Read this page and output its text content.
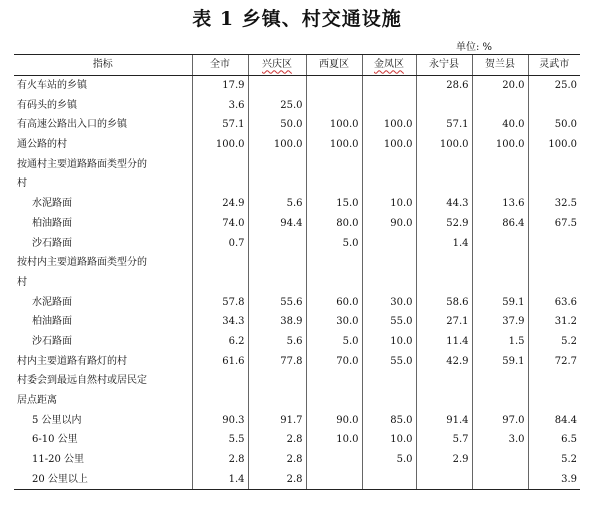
表 1 乡镇、村交通设施
单位: %
指标	全市	兴庆区	西夏区	金凤区	永宁县	贺兰县	灵武市
有火车站的乡镇	17.9				28.6	20.0	25.0
有码头的乡镇	3.6	25.0					
有高速公路出入口的乡镇	57.1	50.0	100.0	100.0	57.1	40.0	50.0
通公路的村	100.0	100.0	100.0	100.0	100.0	100.0	100.0
按通村主要道路路面类型分的							
村							
水泥路面	24.9	5.6	15.0	10.0	44.3	13.6	32.5
柏油路面	74.0	94.4	80.0	90.0	52.9	86.4	67.5
沙石路面	0.7		5.0		1.4		
按村内主要道路路面类型分的							
村							
水泥路面	57.8	55.6	60.0	30.0	58.6	59.1	63.6
柏油路面	34.3	38.9	30.0	55.0	27.1	37.9	31.2
沙石路面	6.2	5.6	5.0	10.0	11.4	1.5	5.2
村内主要道路有路灯的村	61.6	77.8	70.0	55.0	42.9	59.1	72.7
村委会到最远自然村或居民定							
居点距离							
5 公里以内	90.3	91.7	90.0	85.0	91.4	97.0	84.4
6-10 公里	5.5	2.8	10.0	10.0	5.7	3.0	6.5
11-20 公里	2.8	2.8		5.0	2.9		5.2
20 公里以上	1.4	2.8					3.9
